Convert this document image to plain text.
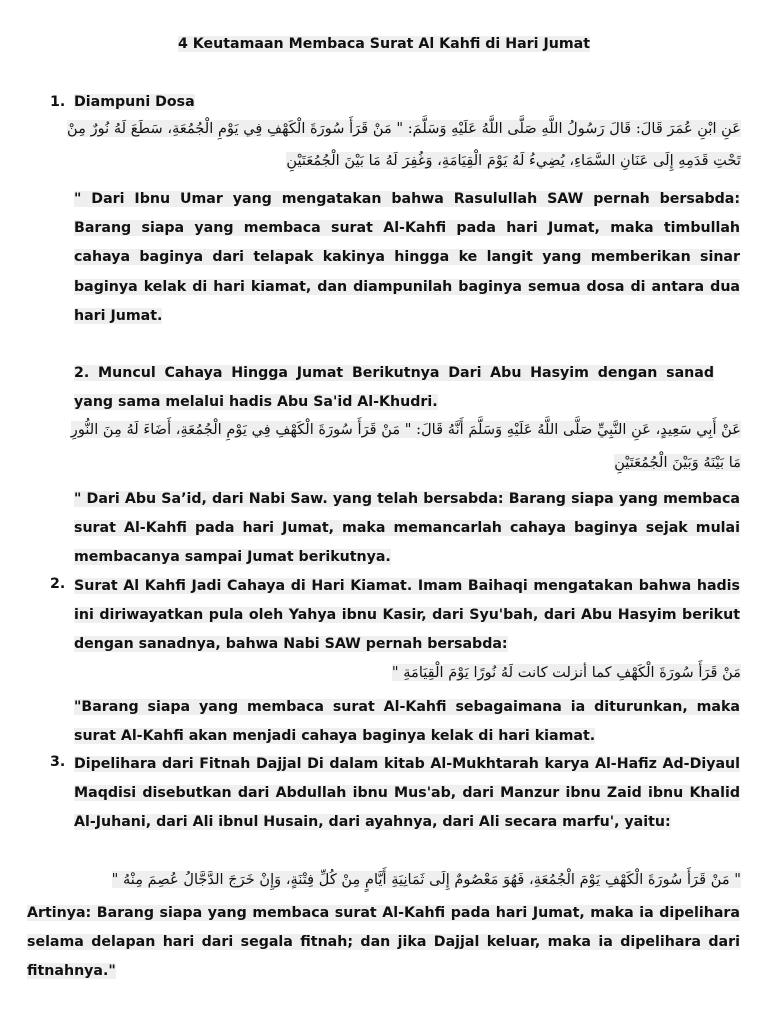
4 Keutamaan Membaca Surat Al Kahfi di Hari Jumat
1. Diampuni Dosa
عَنِ ابْنِ عُمَرَ قَالَ: قَالَ رَسُولُ اللَّهِ صَلَّى اللَّهُ عَلَيْهِ وَسَلَّمَ: " مَنْ قَرَأَ سُورَةَ الْكَهْفِ فِي يَوْمِ الْجُمُعَةِ، سَطَعَ لَهُ نُورٌ مِنْ
تَحْتِ قَدَمِهِ إِلَى عَنَانِ السَّمَاءِ، يُضِيءُ لَهُ يَوْمَ الْقِيَامَةِ، وَغُفِرَ لَهُ مَا بَيْنَ الْجُمُعَتَيْنِ
" Dari Ibnu Umar yang mengatakan bahwa Rasulullah SAW pernah bersabda: Barang siapa yang membaca surat Al-Kahfi pada hari Jumat, maka timbullah cahaya baginya dari telapak kakinya hingga ke langit yang memberikan sinar baginya kelak di hari kiamat, dan diampunilah baginya semua dosa di antara dua hari Jumat.
2. Muncul Cahaya Hingga Jumat Berikutnya Dari Abu Hasyim dengan sanad yang sama melalui hadis Abu Sa'id Al-Khudri.
عَنْ أَبِي سَعِيدٍ، عَنِ النَّبِيِّ صَلَّى اللَّهُ عَلَيْهِ وَسَلَّمَ أَنَّهُ قَالَ: " مَنْ قَرَأَ سُورَةَ الْكَهْفِ فِي يَوْمِ الْجُمُعَةِ، أَضَاءَ لَهُ مِنَ النُّورِ
مَا بَيْنَهُ وَبَيْنَ الْجُمُعَتَيْنِ
" Dari Abu Sa’id, dari Nabi Saw. yang telah bersabda: Barang siapa yang membaca surat Al-Kahfi pada hari Jumat, maka memancarlah cahaya baginya sejak mulai membacanya sampai Jumat berikutnya.
2. Surat Al Kahfi Jadi Cahaya di Hari Kiamat. Imam Baihaqi mengatakan bahwa hadis ini diriwayatkan pula oleh Yahya ibnu Kasir, dari Syu'bah, dari Abu Hasyim berikut dengan sanadnya, bahwa Nabi SAW pernah bersabda:
مَنْ قَرَأَ سُورَةَ الْكَهْفِ كما أنزلت كانت لَهُ نُورًا يَوْمَ الْقِيَامَةِ "
"Barang siapa yang membaca surat Al-Kahfi sebagaimana ia diturunkan, maka surat Al-Kahfi akan menjadi cahaya baginya kelak di hari kiamat.
3. Dipelihara dari Fitnah Dajjal Di dalam kitab Al-Mukhtarah karya Al-Hafiz Ad-Diyaul Maqdisi disebutkan dari Abdullah ibnu Mus'ab, dari Manzur ibnu Zaid ibnu Khalid Al-Juhani, dari Ali ibnul Husain, dari ayahnya, dari Ali secara marfu', yaitu:
" مَنْ قَرَأَ سُورَةَ الْكَهْفِ يَوْمَ الْجُمُعَةِ، فَهُوَ مَعْصُومٌ إِلَى ثَمَانِيَةِ أَيَّامٍ مِنْ كُلِّ فِتْنَةٍ، وَإِنْ خَرَجَ الدَّجَّالُ عُصِمَ مِنْهُ "
Artinya: Barang siapa yang membaca surat Al-Kahfi pada hari Jumat, maka ia dipelihara selama delapan hari dari segala fitnah; dan jika Dajjal keluar, maka ia dipelihara dari fitnahnya."
